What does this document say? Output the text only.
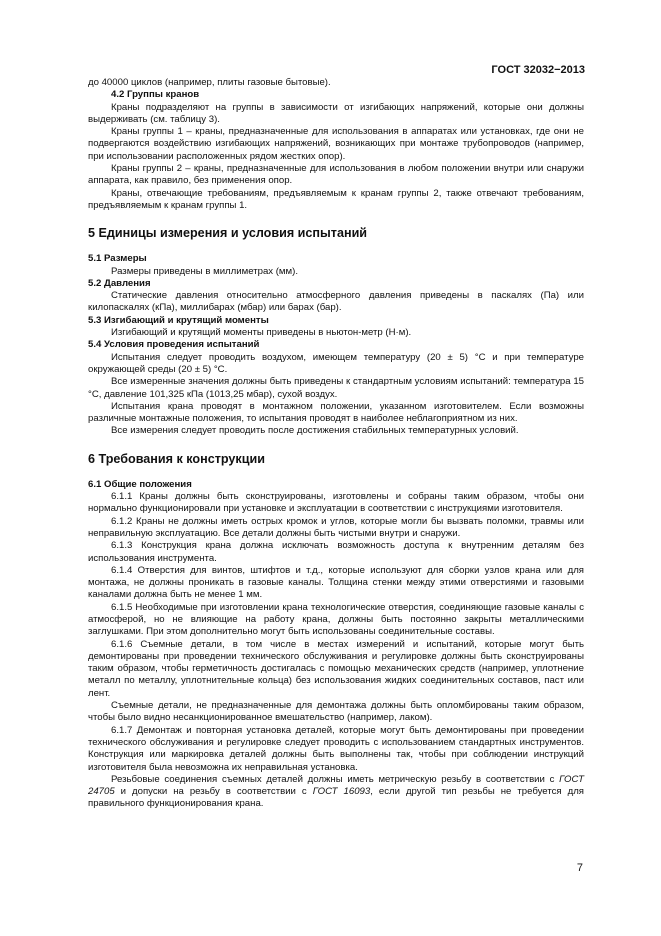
ГОСТ 32032−2013

до 40000 циклов (например, плиты газовые бытовые).

4.2 Группы кранов

Краны подразделяют на группы в зависимости от изгибающих напряжений, которые они должны выдерживать (см. таблицу 3).

Краны группы 1 – краны, предназначенные для использования в аппаратах или установках, где они не подвергаются воздействию изгибающих напряжений, возникающих при монтаже трубопроводов (например, при использовании расположенных рядом жестких опор).

Краны группы 2 – краны, предназначенные для использования в любом положении внутри или снаружи аппарата, как правило, без применения опор.

Краны, отвечающие требованиям, предъявляемым к кранам группы 2, также отвечают требованиям, предъявляемым к кранам группы 1.

5 Единицы измерения и условия испытаний

5.1 Размеры

Размеры приведены в миллиметрах (мм).

5.2 Давления

Статические давления относительно атмосферного давления приведены в паскалях (Па) или килопаскалях (кПа), миллибарах (мбар) или барах (бар).

5.3 Изгибающий и крутящий моменты

Изгибающий и крутящий моменты приведены в ньютон-метр (Н·м).

5.4 Условия проведения испытаний

Испытания следует проводить воздухом, имеющем температуру (20 ± 5) °С и при температуре окружающей среды (20 ± 5) °С.

Все измеренные значения должны быть приведены к стандартным условиям испытаний: температура 15 °С, давление 101,325 кПа (1013,25 мбар), сухой воздух.

Испытания крана проводят в монтажном положении, указанном изготовителем. Если возможны различные монтажные положения, то испытания проводят в наиболее неблагоприятном из них.

Все измерения следует проводить после достижения стабильных температурных условий.

6 Требования к конструкции

6.1 Общие положения

6.1.1 Краны должны быть сконструированы, изготовлены и собраны таким образом, чтобы они нормально функционировали при установке и эксплуатации в соответствии с инструкциями изготовителя.

6.1.2 Краны не должны иметь острых кромок и углов, которые могли бы вызвать поломки, травмы или неправильную эксплуатацию. Все детали должны быть чистыми внутри и снаружи.

6.1.3 Конструкция крана должна исключать возможность доступа к внутренним деталям без использования инструмента.

6.1.4 Отверстия для винтов, штифтов и т.д., которые используют для сборки узлов крана или для монтажа, не должны проникать в газовые каналы. Толщина стенки между этими отверстиями и газовыми каналами должна быть не менее 1 мм.

6.1.5 Необходимые при изготовлении крана технологические отверстия, соединяющие газовые каналы с атмосферой, но не влияющие на работу крана, должны быть постоянно закрыты металлическими заглушками. При этом дополнительно могут быть использованы соединительные составы.

6.1.6 Съемные детали, в том числе в местах измерений и испытаний, которые могут быть демонтированы при проведении технического обслуживания и регулировке должны быть сконструированы таким образом, чтобы герметичность достигалась с помощью механических средств (например, уплотнение металл по металлу, уплотнительные кольца) без использования жидких соединительных составов, паст или лент.

Съемные детали, не предназначенные для демонтажа должны быть опломбированы таким образом, чтобы было видно несанкционированное вмешательство (например, лаком).

6.1.7 Демонтаж и повторная установка деталей, которые могут быть демонтированы при проведении технического обслуживания и регулировке следует проводить с использованием стандартных инструментов. Конструкция или маркировка деталей должны быть выполнены так, чтобы при соблюдении инструкций изготовителя была невозможна их неправильная установка.

Резьбовые соединения съемных деталей должны иметь метрическую резьбу в соответствии с ГОСТ 24705 и допуски на резьбу в соответствии с ГОСТ 16093, если другой тип резьбы не требуется для правильного функционирования крана.

7
